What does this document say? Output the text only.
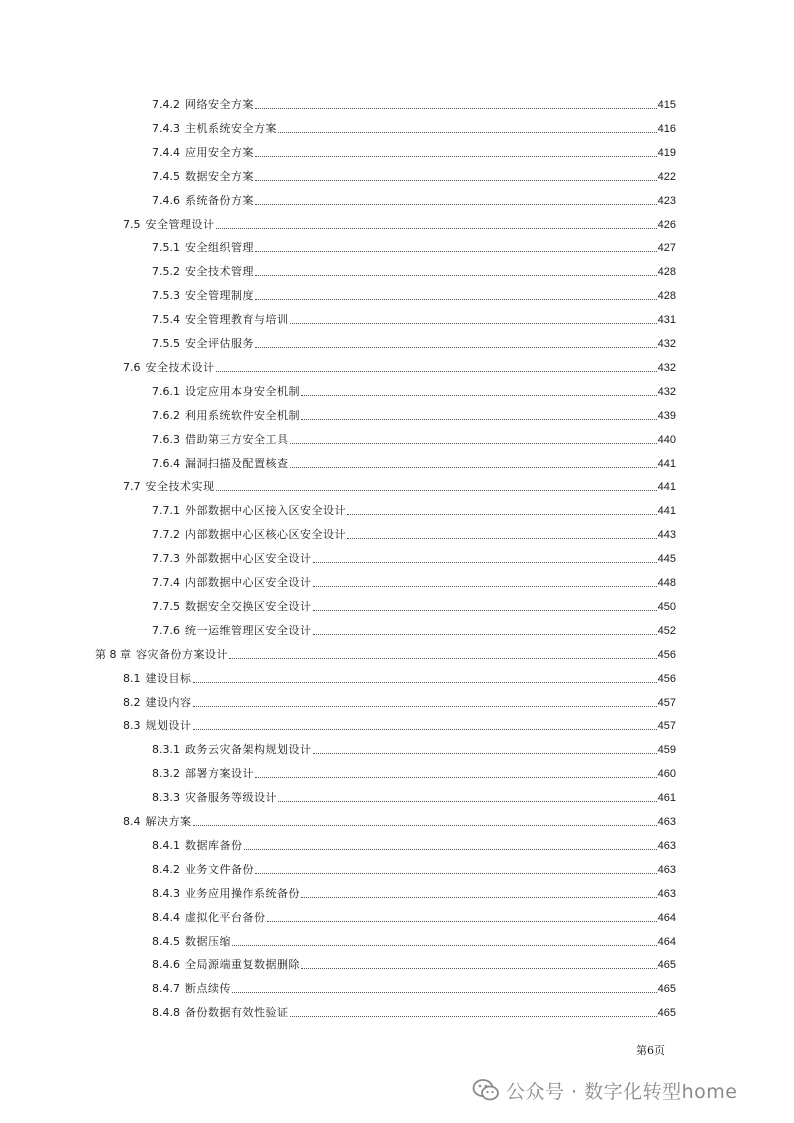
7.4.2 网络安全方案	415
7.4.3 主机系统安全方案	416
7.4.4 应用安全方案	419
7.4.5 数据安全方案	422
7.4.6 系统备份方案	423
7.5 安全管理设计	426
7.5.1 安全组织管理	427
7.5.2 安全技术管理	428
7.5.3 安全管理制度	428
7.5.4 安全管理教育与培训	431
7.5.5 安全评估服务	432
7.6 安全技术设计	432
7.6.1 设定应用本身安全机制	432
7.6.2 利用系统软件安全机制	439
7.6.3 借助第三方安全工具	440
7.6.4 漏洞扫描及配置核查	441
7.7 安全技术实现	441
7.7.1 外部数据中心区接入区安全设计	441
7.7.2 内部数据中心区核心区安全设计	443
7.7.3 外部数据中心区安全设计	445
7.7.4 内部数据中心区安全设计	448
7.7.5 数据安全交换区安全设计	450
7.7.6 统一运维管理区安全设计	452
第 8 章 容灾备份方案设计	456
8.1 建设目标	456
8.2 建设内容	457
8.3 规划设计	457
8.3.1 政务云灾备架构规划设计	459
8.3.2 部署方案设计	460
8.3.3 灾备服务等级设计	461
8.4 解决方案	463
8.4.1 数据库备份	463
8.4.2 业务文件备份	463
8.4.3 业务应用操作系统备份	463
8.4.4 虚拟化平台备份	464
8.4.5 数据压缩	464
8.4.6 全局源端重复数据删除	465
8.4.7 断点续传	465
8.4.8 备份数据有效性验证	465
第6页
公众号 · 数字化转型home
